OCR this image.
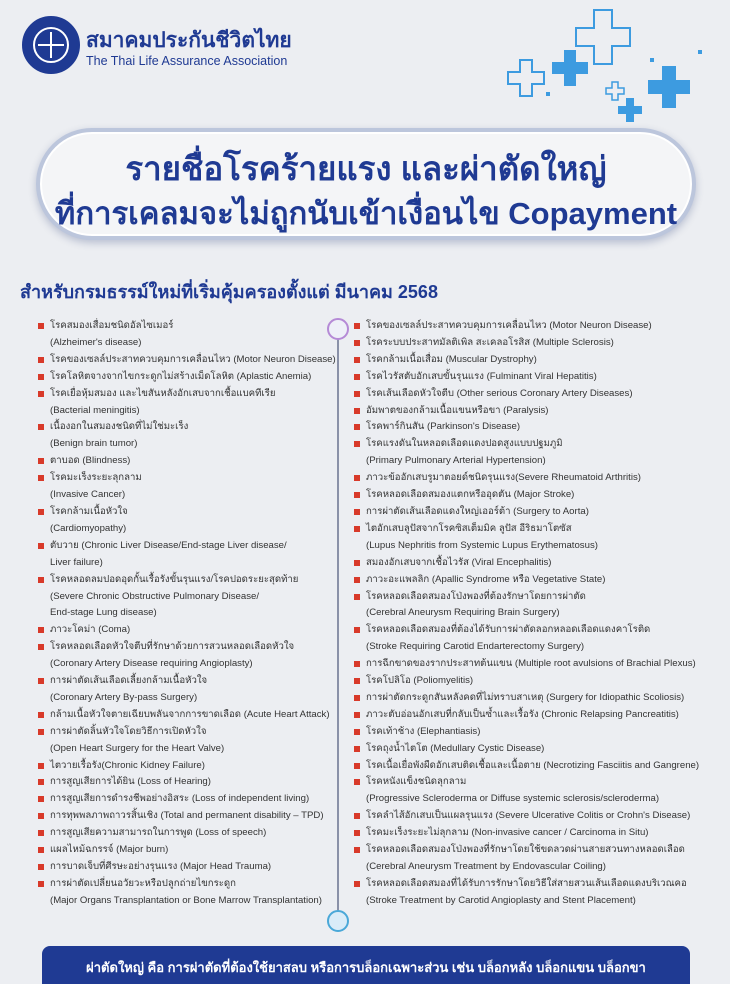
สมาคมประกันชีวิตไทย
The Thai Life Assurance Association
รายชื่อโรคร้ายแรง และผ่าตัดใหญ่
ที่การเคลมจะไม่ถูกนับเข้าเงื่อนไข Copayment
สำหรับกรมธรรม์ใหม่ที่เริ่มคุ้มครองตั้งแต่ มีนาคม 2568
โรคสมองเสื่อมชนิดอัลไซเมอร์
(Alzheimer's disease)
โรคของเซลล์ประสาทควบคุมการเคลื่อนไหว (Motor Neuron Disease)
โรคโลหิตจางจากไขกระดูกไม่สร้างเม็ดโลหิต (Aplastic Anemia)
โรคเยื่อหุ้มสมอง และไขสันหลังอักเสบจากเชื้อแบคทีเรีย
(Bacterial meningitis)
เนื้องอกในสมองชนิดที่ไม่ใช่มะเร็ง
(Benign brain tumor)
ตาบอด (Blindness)
โรคมะเร็งระยะลุกลาม
(Invasive Cancer)
โรคกล้ามเนื้อหัวใจ
(Cardiomyopathy)
ตับวาย (Chronic Liver Disease/End-stage Liver disease/
Liver failure)
โรคหลอดลมปอดอุดกั้นเรื้อรังขั้นรุนแรง/โรคปอดระยะสุดท้าย
(Severe Chronic Obstructive Pulmonary Disease/
End-stage Lung disease)
ภาวะโคม่า (Coma)
โรคหลอดเลือดหัวใจตีบที่รักษาด้วยการสวนหลอดเลือดหัวใจ
(Coronary Artery Disease requiring Angioplasty)
การผ่าตัดเส้นเลือดเลี้ยงกล้ามเนื้อหัวใจ
(Coronary Artery By-pass Surgery)
กล้ามเนื้อหัวใจตายเฉียบพลันจากการขาดเลือด (Acute Heart Attack)
การผ่าตัดลิ้นหัวใจโดยวิธีการเปิดหัวใจ
(Open Heart Surgery for the Heart Valve)
ไตวายเรื้อรัง(Chronic Kidney Failure)
การสูญเสียการได้ยิน (Loss of Hearing)
การสูญเสียการดำรงชีพอย่างอิสระ (Loss of independent living)
การทุพพลภาพถาวรสิ้นเชิง (Total and permanent disability – TPD)
การสูญเสียความสามารถในการพูด (Loss of speech)
แผลไหม้ฉกรรจ์ (Major burn)
การบาดเจ็บที่ศีรษะอย่างรุนแรง (Major Head Trauma)
การผ่าตัดเปลี่ยนอวัยวะหรือปลูกถ่ายไขกระดูก
(Major Organs Transplantation or Bone Marrow Transplantation)
โรคของเซลล์ประสาทควบคุมการเคลื่อนไหว (Motor Neuron Disease)
โรคระบบประสาทมัลติเพิล สะเคลอโรสิส (Multiple Sclerosis)
โรคกล้ามเนื้อเสื่อม (Muscular Dystrophy)
โรคไวรัสตับอักเสบขั้นรุนแรง (Fulminant Viral Hepatitis)
โรคเส้นเลือดหัวใจตีบ (Other serious Coronary Artery Diseases)
อัมพาตของกล้ามเนื้อแขนหรือขา (Paralysis)
โรคพาร์กินสัน (Parkinson's Disease)
โรคแรงดันในหลอดเลือดแดงปอดสูงแบบปฐมภูมิ
(Primary Pulmonary Arterial Hypertension)
ภาวะข้ออักเสบรูมาตอยด์ชนิดรุนแรง(Severe Rheumatoid Arthritis)
โรคหลอดเลือดสมองแตกหรืออุดตัน (Major Stroke)
การผ่าตัดเส้นเลือดแดงใหญ่เออร์ต้า (Surgery to Aorta)
ไตอักเสบลูปัสจากโรคซิสเต็มมิค ลูปัส อีริธมาโตซัส
(Lupus Nephritis from Systemic Lupus Erythematosus)
สมองอักเสบจากเชื้อไวรัส (Viral Encephalitis)
ภาวะอะแพลลิก (Apallic Syndrome หรือ Vegetative State)
โรคหลอดเลือดสมองโป่งพองที่ต้องรักษาโดยการผ่าตัด
(Cerebral Aneurysm Requiring Brain Surgery)
โรคหลอดเลือดสมองที่ต้องได้รับการผ่าตัดลอกหลอดเลือดแดงคาโรติด
(Stroke Requiring Carotid Endarterectomy Surgery)
การฉีกขาดของรากประสาทต้นแขน (Multiple root avulsions of Brachial Plexus)
โรคโปลิโอ (Poliomyelitis)
การผ่าตัดกระดูกสันหลังคดที่ไม่ทราบสาเหตุ (Surgery for Idiopathic Scoliosis)
ภาวะตับอ่อนอักเสบที่กลับเป็นซ้ำและเรื้อรัง (Chronic Relapsing Pancreatitis)
โรคเท้าช้าง (Elephantiasis)
โรคถุงน้ำไตโต (Medullary Cystic Disease)
โรคเนื้อเยื่อพังผืดอักเสบติดเชื้อและเนื้อตาย (Necrotizing Fasciitis and Gangrene)
โรคหนังแข็งชนิดลุกลาม
(Progressive Scleroderma or Diffuse systemic sclerosis/scleroderma)
โรคลำไส้อักเสบเป็นแผลรุนแรง (Severe Ulcerative Colitis or Crohn's Disease)
โรคมะเร็งระยะไม่ลุกลาม (Non-invasive cancer / Carcinoma in Situ)
โรคหลอดเลือดสมองโป่งพองที่รักษาโดยใช้ขดลวดผ่านสายสวนทางหลอดเลือด
(Cerebral Aneurysm Treatment by Endovascular Coiling)
โรคหลอดเลือดสมองที่ได้รับการรักษาโดยวิธีใส่สายสวนเส้นเลือดแดงบริเวณคอ
(Stroke Treatment by Carotid Angioplasty and Stent Placement)
ผ่าตัดใหญ่ คือ การผ่าตัดที่ต้องใช้ยาสลบ หรือการบล็อกเฉพาะส่วน เช่น บล็อกหลัง บล็อกแขน บล็อกขา
